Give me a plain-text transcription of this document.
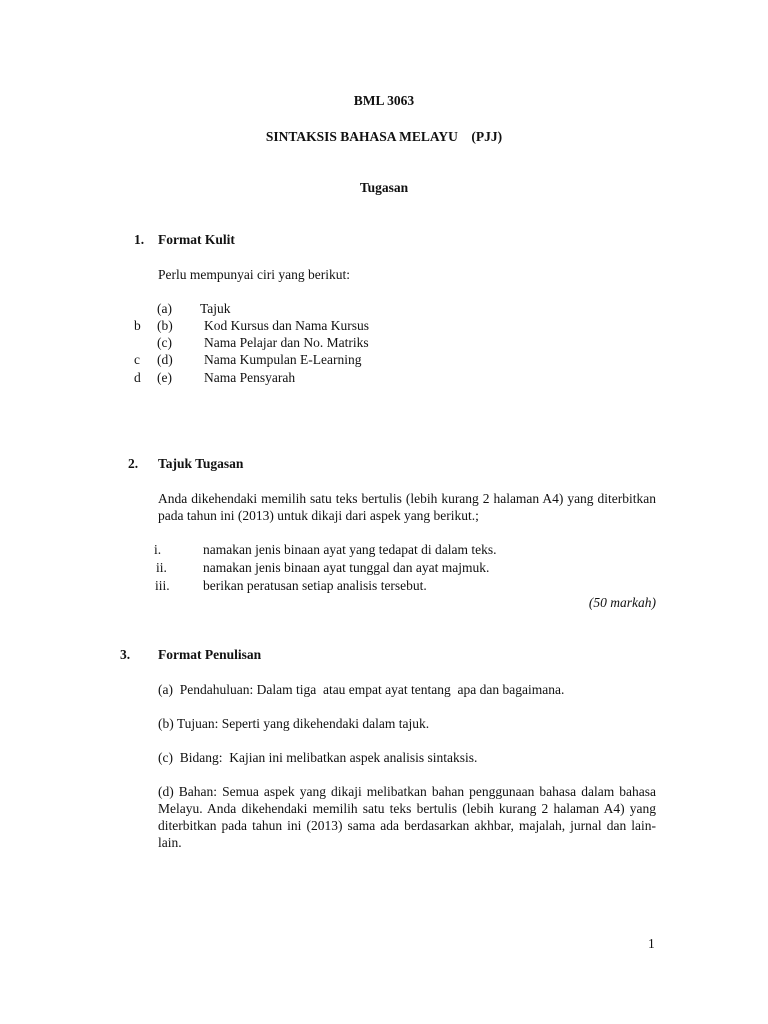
BML 3063
SINTAKSIS BAHASA MELAYU    (PJJ)
Tugasan
1. Format Kulit
Perlu mempunyai ciri yang berikut:
(a) Tajuk
b (b) Kod Kursus dan Nama Kursus
(c) Nama Pelajar dan No. Matriks
c (d) Nama Kumpulan E-Learning
d (e) Nama Pensyarah
2. Tajuk Tugasan
Anda dikehendaki memilih satu teks bertulis (lebih kurang 2 halaman A4) yang diterbitkan pada tahun ini (2013) untuk dikaji dari aspek yang berikut.;
i.	namakan jenis binaan ayat yang tedapat di dalam teks.
ii.	namakan jenis binaan ayat tunggal dan ayat majmuk.
iii. berikan peratusan setiap analisis tersebut.
(50 markah)
3. Format Penulisan
(a)  Pendahuluan: Dalam tiga  atau empat ayat tentang  apa dan bagaimana.
(b) Tujuan: Seperti yang dikehendaki dalam tajuk.
(c)  Bidang:  Kajian ini melibatkan aspek analisis sintaksis.
(d) Bahan: Semua aspek yang dikaji melibatkan bahan penggunaan bahasa dalam bahasa Melayu. Anda dikehendaki memilih satu teks bertulis (lebih kurang 2 halaman A4) yang diterbitkan pada tahun ini (2013) sama ada berdasarkan akhbar, majalah, jurnal dan lain-lain.
1
